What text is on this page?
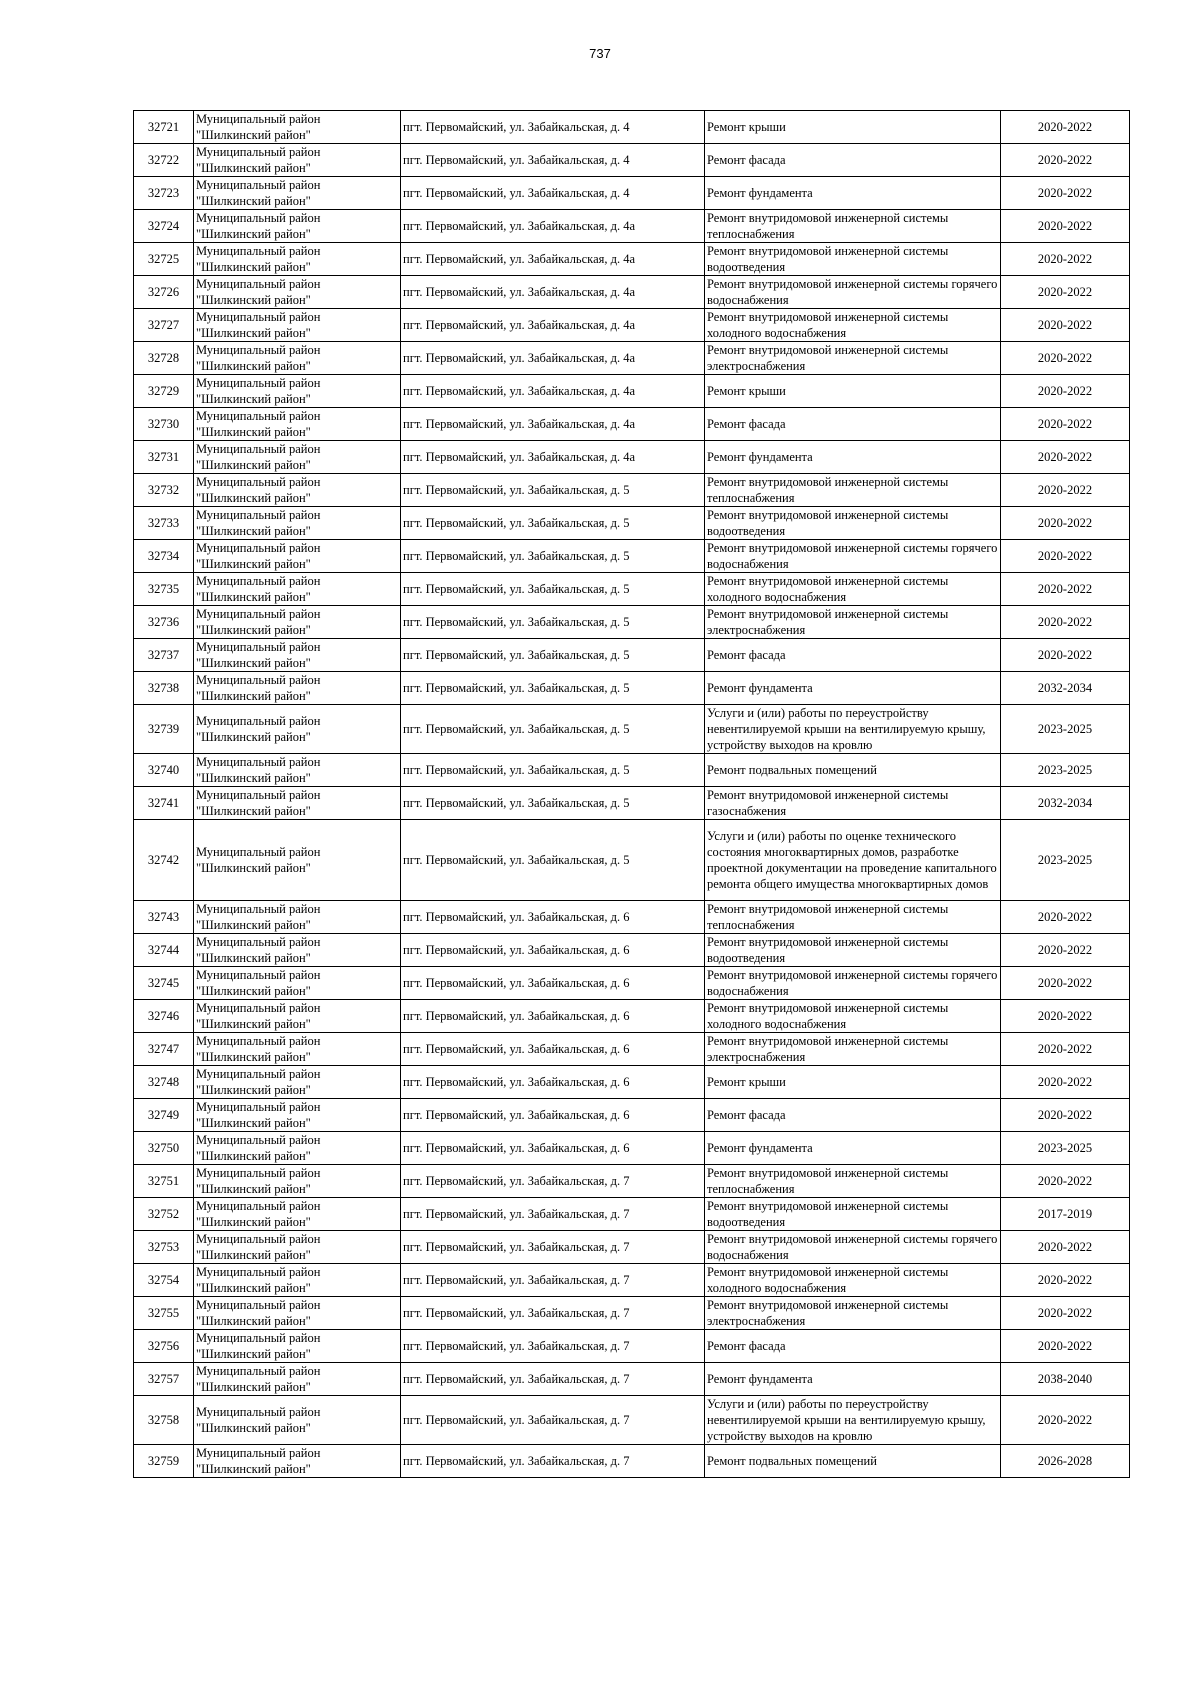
737
32721	Муниципальный район "Шилкинский район"	пгт. Первомайский, ул. Забайкальская, д. 4	Ремонт крыши	2020-2022

32722	Муниципальный район "Шилкинский район"	пгт. Первомайский, ул. Забайкальская, д. 4	Ремонт фасада	2020-2022

32723	Муниципальный район "Шилкинский район"	пгт. Первомайский, ул. Забайкальская, д. 4	Ремонт фундамента	2020-2022

32724	Муниципальный район "Шилкинский район"	пгт. Первомайский, ул. Забайкальская, д. 4а	Ремонт внутридомовой инженерной системы теплоснабжения	2020-2022

32725	Муниципальный район "Шилкинский район"	пгт. Первомайский, ул. Забайкальская, д. 4а	Ремонт внутридомовой инженерной системы водоотведения	2020-2022

32726	Муниципальный район "Шилкинский район"	пгт. Первомайский, ул. Забайкальская, д. 4а	Ремонт внутридомовой инженерной системы горячего водоснабжения	2020-2022

32727	Муниципальный район "Шилкинский район"	пгт. Первомайский, ул. Забайкальская, д. 4а	Ремонт внутридомовой инженерной системы холодного водоснабжения	2020-2022

32728	Муниципальный район "Шилкинский район"	пгт. Первомайский, ул. Забайкальская, д. 4а	Ремонт внутридомовой инженерной системы электроснабжения	2020-2022

32729	Муниципальный район "Шилкинский район"	пгт. Первомайский, ул. Забайкальская, д. 4а	Ремонт крыши	2020-2022

32730	Муниципальный район "Шилкинский район"	пгт. Первомайский, ул. Забайкальская, д. 4а	Ремонт фасада	2020-2022

32731	Муниципальный район "Шилкинский район"	пгт. Первомайский, ул. Забайкальская, д. 4а	Ремонт фундамента	2020-2022

32732	Муниципальный район "Шилкинский район"	пгт. Первомайский, ул. Забайкальская, д. 5	Ремонт внутридомовой инженерной системы теплоснабжения	2020-2022

32733	Муниципальный район "Шилкинский район"	пгт. Первомайский, ул. Забайкальская, д. 5	Ремонт внутридомовой инженерной системы водоотведения	2020-2022

32734	Муниципальный район "Шилкинский район"	пгт. Первомайский, ул. Забайкальская, д. 5	Ремонт внутридомовой инженерной системы горячего водоснабжения	2020-2022

32735	Муниципальный район "Шилкинский район"	пгт. Первомайский, ул. Забайкальская, д. 5	Ремонт внутридомовой инженерной системы холодного водоснабжения	2020-2022

32736	Муниципальный район "Шилкинский район"	пгт. Первомайский, ул. Забайкальская, д. 5	Ремонт внутридомовой инженерной системы электроснабжения	2020-2022

32737	Муниципальный район "Шилкинский район"	пгт. Первомайский, ул. Забайкальская, д. 5	Ремонт фасада	2020-2022

32738	Муниципальный район "Шилкинский район"	пгт. Первомайский, ул. Забайкальская, д. 5	Ремонт фундамента	2032-2034

32739	Муниципальный район "Шилкинский район"	пгт. Первомайский, ул. Забайкальская, д. 5	Услуги и (или) работы по переустройству невентилируемой крыши на вентилируемую крышу, устройству выходов на кровлю	2023-2025

32740	Муниципальный район "Шилкинский район"	пгт. Первомайский, ул. Забайкальская, д. 5	Ремонт подвальных помещений	2023-2025

32741	Муниципальный район "Шилкинский район"	пгт. Первомайский, ул. Забайкальская, д. 5	Ремонт внутридомовой инженерной системы газоснабжения	2032-2034

32742	Муниципальный район "Шилкинский район"	пгт. Первомайский, ул. Забайкальская, д. 5	Услуги и (или) работы по оценке технического состояния многоквартирных домов, разработке проектной документации на проведение капитального ремонта общего имущества многоквартирных домов	2023-2025

32743	Муниципальный район "Шилкинский район"	пгт. Первомайский, ул. Забайкальская, д. 6	Ремонт внутридомовой инженерной системы теплоснабжения	2020-2022

32744	Муниципальный район "Шилкинский район"	пгт. Первомайский, ул. Забайкальская, д. 6	Ремонт внутридомовой инженерной системы водоотведения	2020-2022

32745	Муниципальный район "Шилкинский район"	пгт. Первомайский, ул. Забайкальская, д. 6	Ремонт внутридомовой инженерной системы горячего водоснабжения	2020-2022

32746	Муниципальный район "Шилкинский район"	пгт. Первомайский, ул. Забайкальская, д. 6	Ремонт внутридомовой инженерной системы холодного водоснабжения	2020-2022

32747	Муниципальный район "Шилкинский район"	пгт. Первомайский, ул. Забайкальская, д. 6	Ремонт внутридомовой инженерной системы электроснабжения	2020-2022

32748	Муниципальный район "Шилкинский район"	пгт. Первомайский, ул. Забайкальская, д. 6	Ремонт крыши	2020-2022

32749	Муниципальный район "Шилкинский район"	пгт. Первомайский, ул. Забайкальская, д. 6	Ремонт фасада	2020-2022

32750	Муниципальный район "Шилкинский район"	пгт. Первомайский, ул. Забайкальская, д. 6	Ремонт фундамента	2023-2025

32751	Муниципальный район "Шилкинский район"	пгт. Первомайский, ул. Забайкальская, д. 7	Ремонт внутридомовой инженерной системы теплоснабжения	2020-2022

32752	Муниципальный район "Шилкинский район"	пгт. Первомайский, ул. Забайкальская, д. 7	Ремонт внутридомовой инженерной системы водоотведения	2017-2019

32753	Муниципальный район "Шилкинский район"	пгт. Первомайский, ул. Забайкальская, д. 7	Ремонт внутридомовой инженерной системы горячего водоснабжения	2020-2022

32754	Муниципальный район "Шилкинский район"	пгт. Первомайский, ул. Забайкальская, д. 7	Ремонт внутридомовой инженерной системы холодного водоснабжения	2020-2022

32755	Муниципальный район "Шилкинский район"	пгт. Первомайский, ул. Забайкальская, д. 7	Ремонт внутридомовой инженерной системы электроснабжения	2020-2022

32756	Муниципальный район "Шилкинский район"	пгт. Первомайский, ул. Забайкальская, д. 7	Ремонт фасада	2020-2022

32757	Муниципальный район "Шилкинский район"	пгт. Первомайский, ул. Забайкальская, д. 7	Ремонт фундамента	2038-2040

32758	Муниципальный район "Шилкинский район"	пгт. Первомайский, ул. Забайкальская, д. 7	Услуги и (или) работы по переустройству невентилируемой крыши на вентилируемую крышу, устройству выходов на кровлю	2020-2022

32759	Муниципальный район "Шилкинский район"	пгт. Первомайский, ул. Забайкальская, д. 7	Ремонт подвальных помещений	2026-2028
